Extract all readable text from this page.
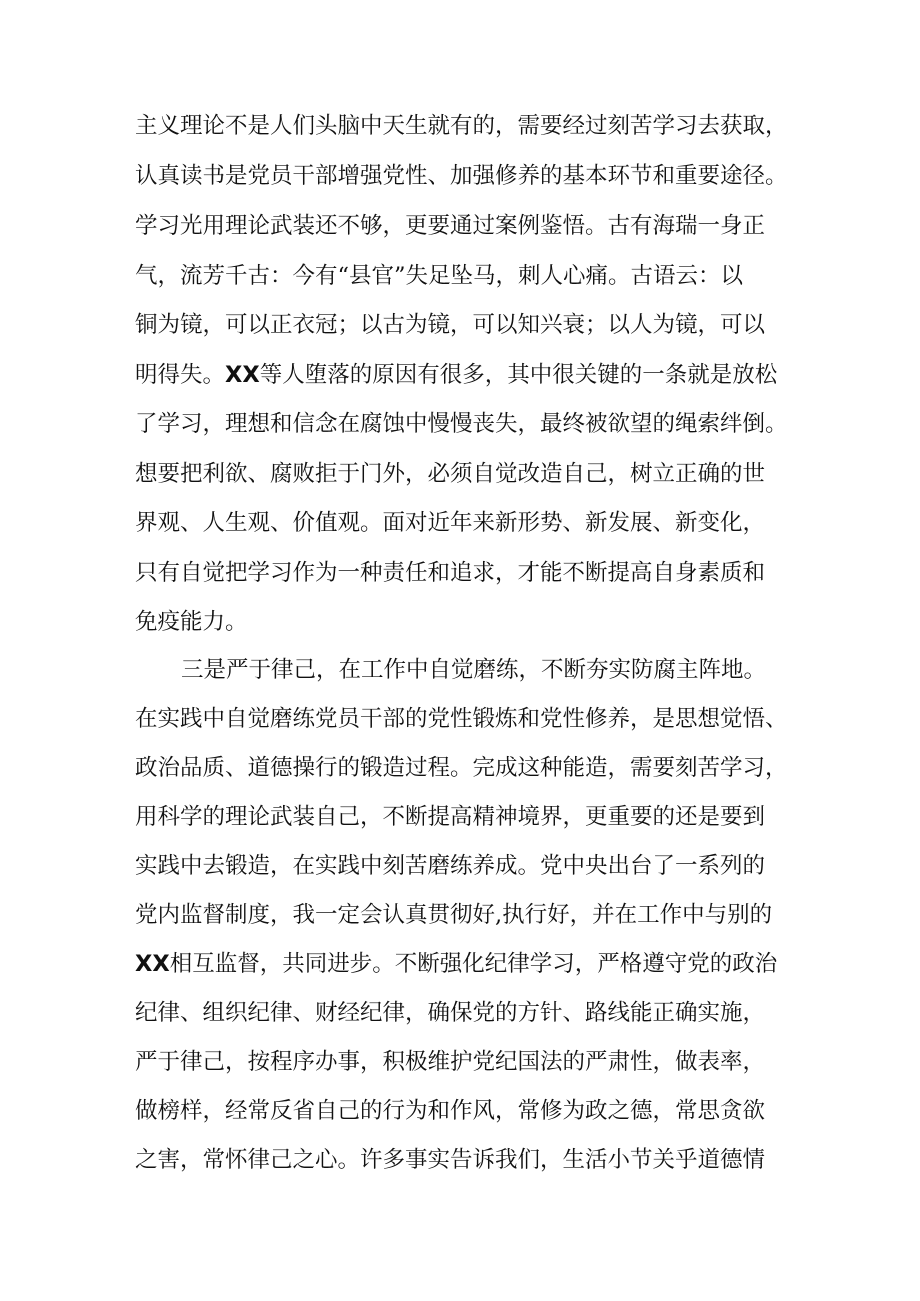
主义理论不是人们头脑中天生就有的，需要经过刻苦学习去获取，
认真读书是党员干部增强党性、加强修养的基本环节和重要途径。
学习光用理论武装还不够，更要通过案例鉴悟。古有海瑞一身正
气，流芳千古：今有“县官”失足坠马，刺人心痛。古语云：以
铜为镜，可以正衣冠；以古为镜，可以知兴衰；以人为镜，可以
明得失。XX等人堕落的原因有很多，其中很关键的一条就是放松
了学习，理想和信念在腐蚀中慢慢丧失，最终被欲望的绳索绊倒。
想要把利欲、腐败拒于门外，必须自觉改造自己，树立正确的世
界观、人生观、价值观。面对近年来新形势、新发展、新变化，
只有自觉把学习作为一种责任和追求，才能不断提高自身素质和
免疫能力。
三是严于律己，在工作中自觉磨练，不断夯实防腐主阵地。
在实践中自觉磨练党员干部的党性锻炼和党性修养，是思想觉悟、
政治品质、道德操行的锻造过程。完成这种能造，需要刻苦学习，
用科学的理论武装自己，不断提高精神境界，更重要的还是要到
实践中去锻造，在实践中刻苦磨练养成。党中央出台了一系列的
党内监督制度，我一定会认真贯彻好,执行好，并在工作中与别的
XX相互监督，共同进步。不断强化纪律学习，严格遵守党的政治
纪律、组织纪律、财经纪律，确保党的方针、路线能正确实施，
严于律己，按程序办事，积极维护党纪国法的严肃性，做表率，
做榜样，经常反省自己的行为和作风，常修为政之德，常思贪欲
之害，常怀律己之心。许多事实告诉我们，生活小节关乎道德情
